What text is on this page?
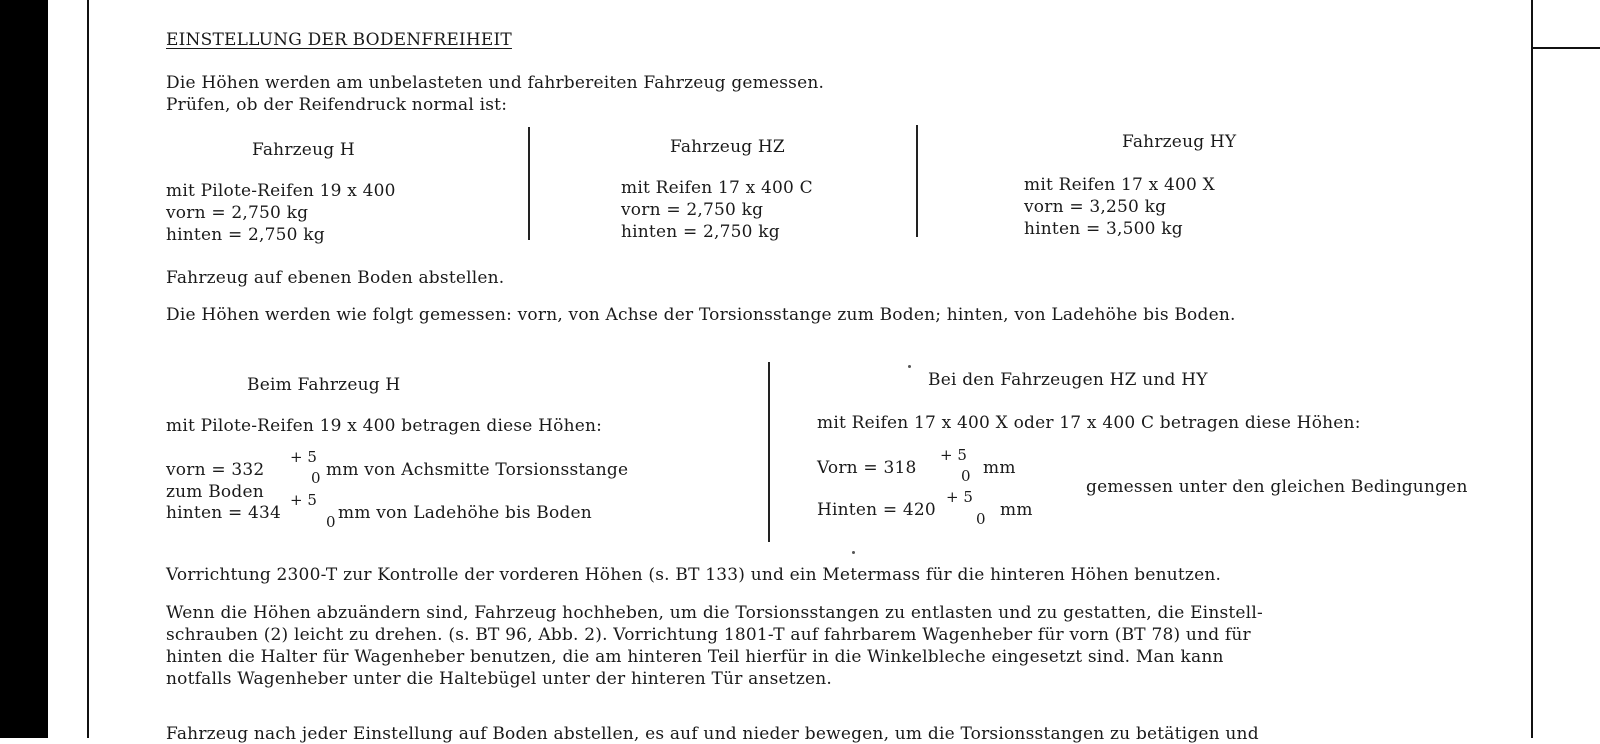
EINSTELLUNG DER BODENFREIHEIT
Die Höhen werden am unbelasteten und fahrbereiten Fahrzeug gemessen.
Prüfen, ob der Reifendruck normal ist:
Fahrzeug H
mit Pilote-Reifen 19 x 400
vorn = 2,750 kg
hinten = 2,750 kg
Fahrzeug HZ
mit Reifen 17 x 400 C
vorn = 2,750 kg
hinten = 2,750 kg
Fahrzeug HY
mit Reifen 17 x 400 X
vorn = 3,250 kg
hinten = 3,500 kg
Fahrzeug auf ebenen Boden abstellen.
Die Höhen werden wie folgt gemessen: vorn, von Achse der Torsionsstange zum Boden; hinten, von Ladehöhe bis Boden.
Beim Fahrzeug H
mit Pilote-Reifen 19 x 400 betragen diese Höhen:
vorn = 332
+ 5
0 mm von Achsmitte Torsionsstange
zum Boden
hinten = 434
+ 5
0 mm von Ladehöhe bis Boden
Bei den Fahrzeugen HZ und HY
mit Reifen 17 x 400 X oder 17 x 400 C betragen diese Höhen:
Vorn = 318
+ 5
0 mm
gemessen unter den gleichen Bedingungen
Hinten = 420
+ 5
0 mm
Vorrichtung 2300-T zur Kontrolle der vorderen Höhen (s. BT 133) und ein Metermass für die hinteren Höhen benutzen.
Wenn die Höhen abzuändern sind, Fahrzeug hochheben, um die Torsionsstangen zu entlasten und zu gestatten, die Einstell-
schrauben (2) leicht zu drehen. (s. BT 96, Abb. 2). Vorrichtung 1801-T auf fahrbarem Wagenheber für vorn (BT 78) und für
hinten die Halter für Wagenheber benutzen, die am hinteren Teil hierfür in die Winkelbleche eingesetzt sind. Man kann
notfalls Wagenheber unter die Haltebügel unter der hinteren Tür ansetzen.
Fahrzeug nach jeder Einstellung auf Boden abstellen, es auf und nieder bewegen, um die Torsionsstangen zu betätigen und
